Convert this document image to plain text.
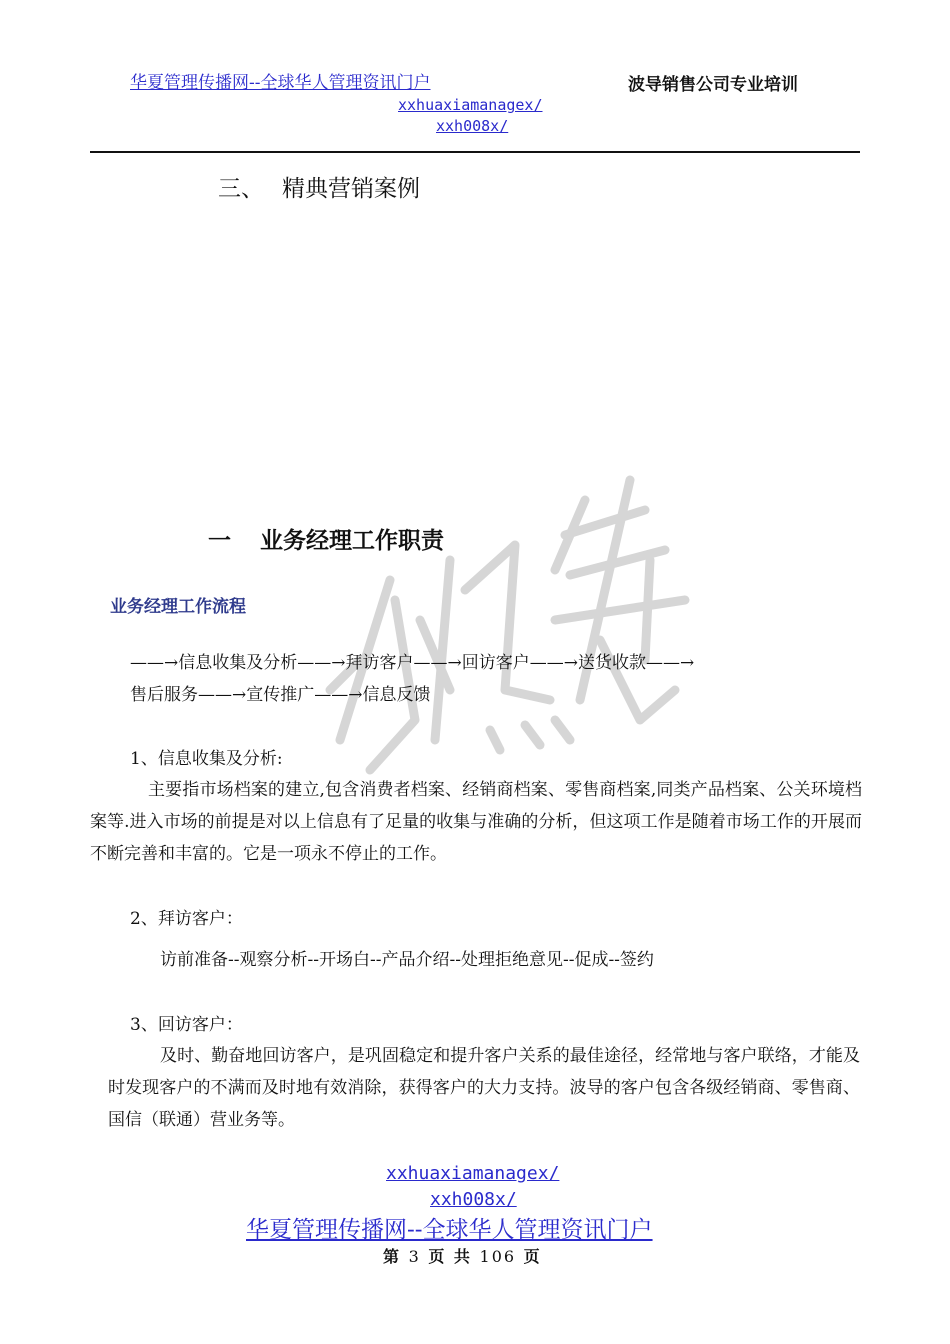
华夏管理传播网--全球华人管理资讯门户
xxhuaxiamanagex/
xxh008x/
波导销售公司专业培训
三、 精典营销案例
一 业务经理工作职责
业务经理工作流程
——→信息收集及分析——→拜访客户——→回访客户——→送货收款——→
售后服务——→宣传推广——→信息反馈
1、信息收集及分析:
主要指市场档案的建立,包含消费者档案、经销商档案、零售商档案,同类产品档案、公关环境档案等.进入市场的前提是对以上信息有了足量的收集与准确的分析，但这项工作是随着市场工作的开展而不断完善和丰富的。它是一项永不停止的工作。
2、拜访客户：
访前准备--观察分析--开场白--产品介绍--处理拒绝意见--促成--签约
3、回访客户：
及时、勤奋地回访客户，是巩固稳定和提升客户关系的最佳途径，经常地与客户联络，才能及时发现客户的不满而及时地有效消除，获得客户的大力支持。波导的客户包含各级经销商、零售商、国信（联通）营业务等。
xxhuaxiamanagex/
xxh008x/
华夏管理传播网--全球华人管理资讯门户
第 3 页 共 106 页
